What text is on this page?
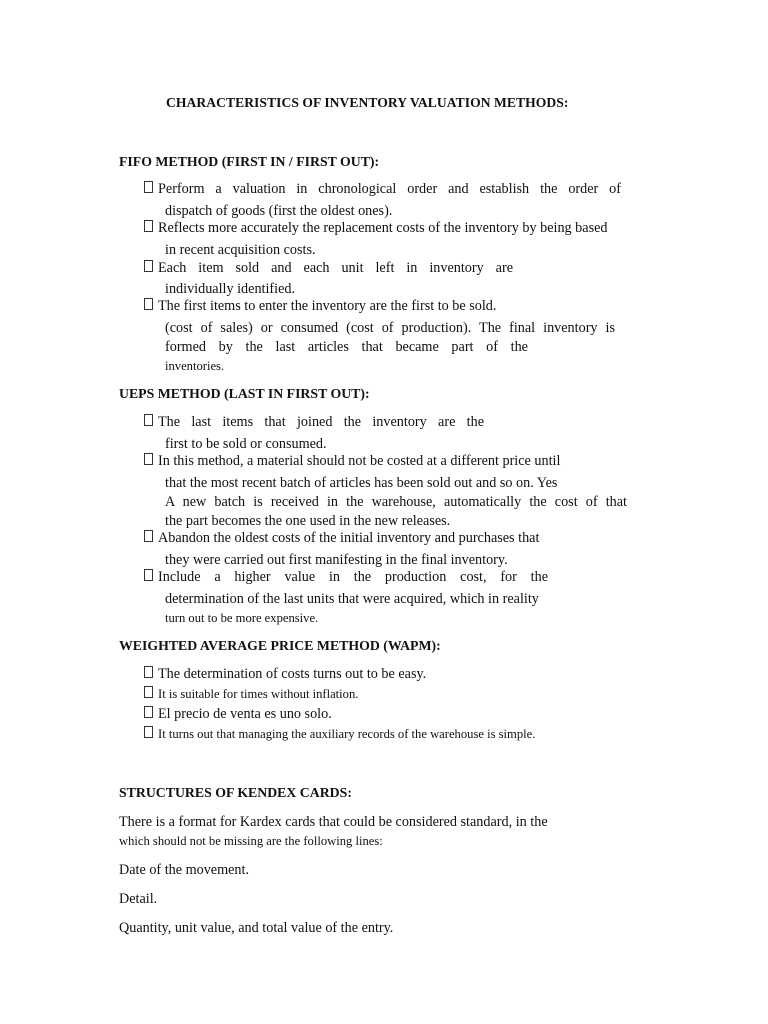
CHARACTERISTICS OF INVENTORY VALUATION METHODS:
FIFO METHOD (FIRST IN / FIRST OUT):
Perform a valuation in chronological order and establish the order of
dispatch of goods (first the oldest ones).
Reflects more accurately the replacement costs of the inventory by being based
in recent acquisition costs.
Each item sold and each unit left in inventory are
individually identified.
The first items to enter the inventory are the first to be sold.
(cost of sales) or consumed (cost of production). The final inventory is
formed by the last articles that became part of the
inventories.
UEPS METHOD (LAST IN FIRST OUT):
The last items that joined the inventory are the
first to be sold or consumed.
In this method, a material should not be costed at a different price until
that the most recent batch of articles has been sold out and so on. Yes
A new batch is received in the warehouse, automatically the cost of that
the part becomes the one used in the new releases.
Abandon the oldest costs of the initial inventory and purchases that
they were carried out first manifesting in the final inventory.
Include a higher value in the production cost, for the
determination of the last units that were acquired, which in reality
turn out to be more expensive.
WEIGHTED AVERAGE PRICE METHOD (WAPM):
The determination of costs turns out to be easy.
It is suitable for times without inflation.
El precio de venta es uno solo.
It turns out that managing the auxiliary records of the warehouse is simple.
STRUCTURES OF KENDEX CARDS:
There is a format for Kardex cards that could be considered standard, in the
which should not be missing are the following lines:
Date of the movement.
Detail.
Quantity, unit value, and total value of the entry.
